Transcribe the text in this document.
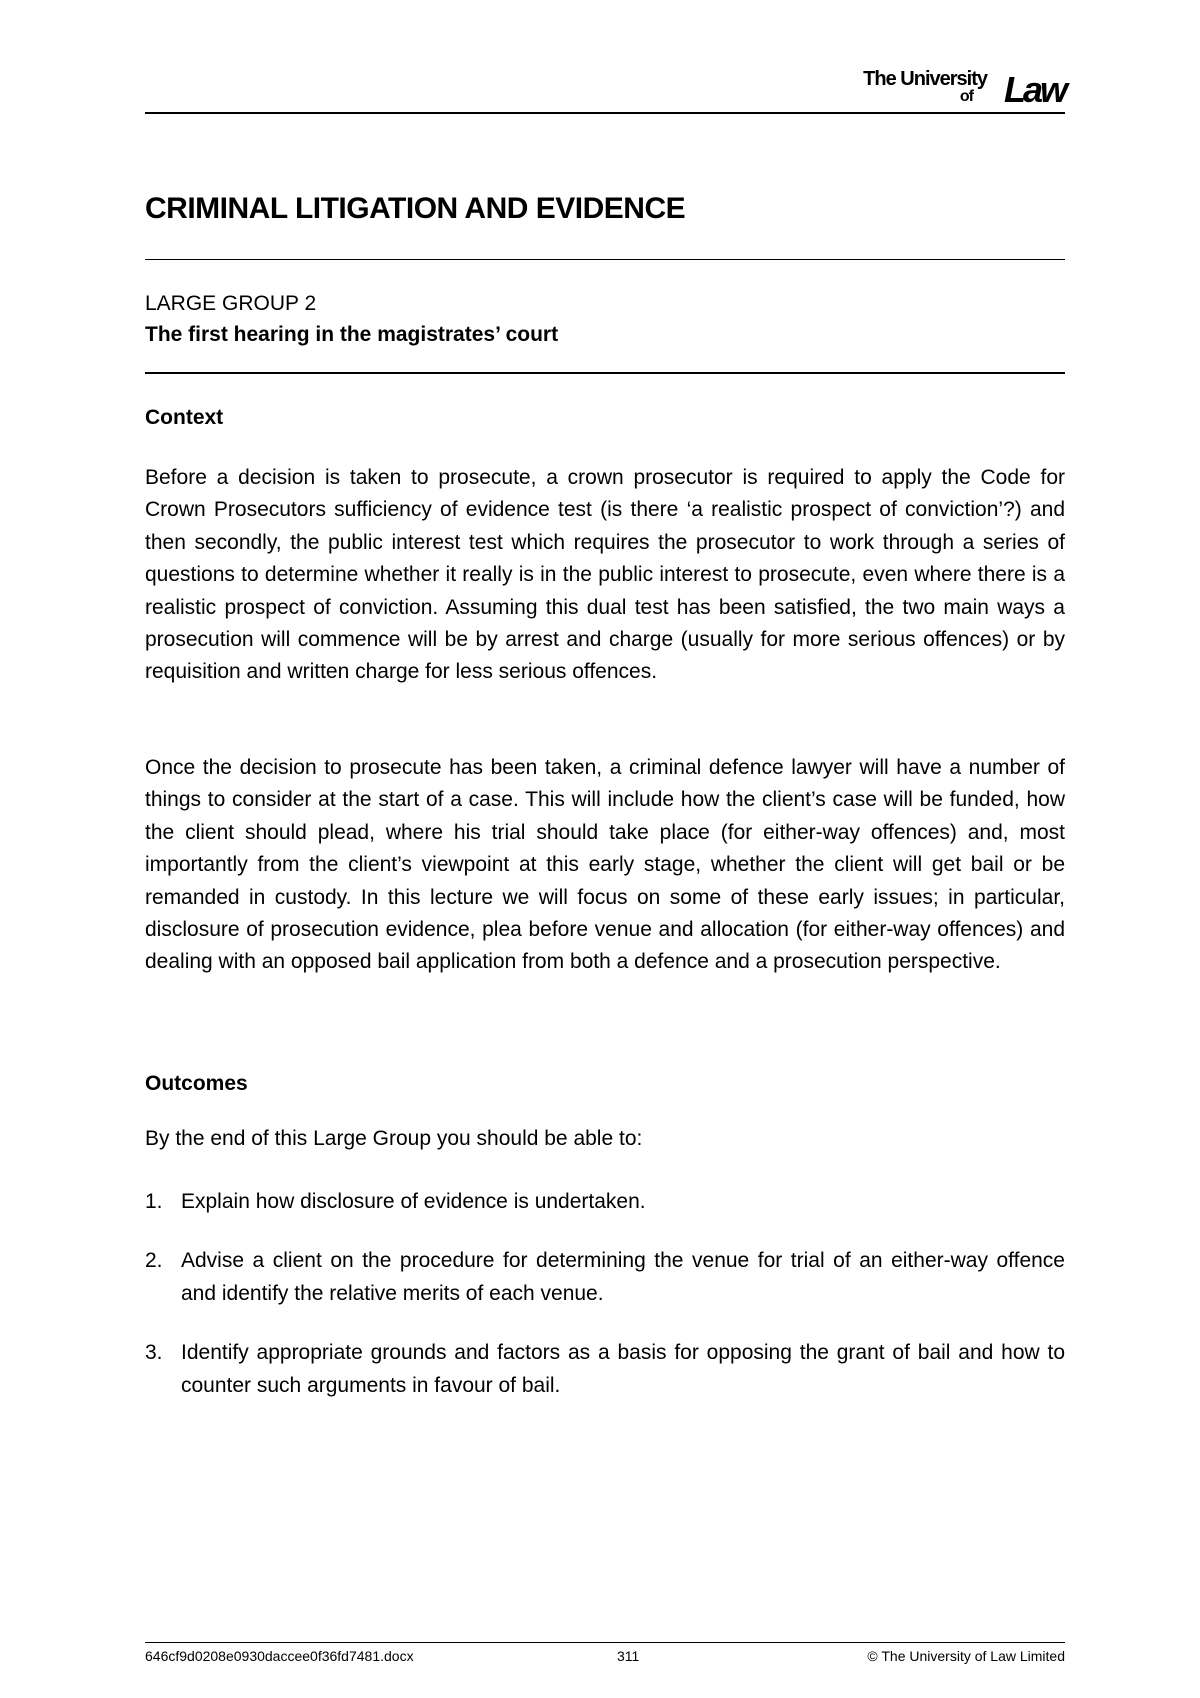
The University
of Law
CRIMINAL LITIGATION AND EVIDENCE
LARGE GROUP 2
The first hearing in the magistrates’ court
Context

Before a decision is taken to prosecute, a crown prosecutor is required to apply the Code for Crown Prosecutors sufficiency of evidence test (is there ‘a realistic prospect of conviction’?) and then secondly, the public interest test which requires the prosecutor to work through a series of questions to determine whether it really is in the public interest to prosecute, even where there is a realistic prospect of conviction. Assuming this dual test has been satisfied, the two main ways a prosecution will commence will be by arrest and charge (usually for more serious offences) or by requisition and written charge for less serious offences.

Once the decision to prosecute has been taken, a criminal defence lawyer will have a number of things to consider at the start of a case. This will include how the client’s case will be funded, how the client should plead, where his trial should take place (for either-way offences) and, most importantly from the client’s viewpoint at this early stage, whether the client will get bail or be remanded in custody. In this lecture we will focus on some of these early issues; in particular, disclosure of prosecution evidence, plea before venue and allocation (for either-way offences) and dealing with an opposed bail application from both a defence and a prosecution perspective.

Outcomes

By the end of this Large Group you should be able to:

1. Explain how disclosure of evidence is undertaken.
2. Advise a client on the procedure for determining the venue for trial of an either-way offence and identify the relative merits of each venue.
3. Identify appropriate grounds and factors as a basis for opposing the grant of bail and how to counter such arguments in favour of bail.
646cf9d0208e0930daccee0f36fd7481.docx	311	© The University of Law Limited
